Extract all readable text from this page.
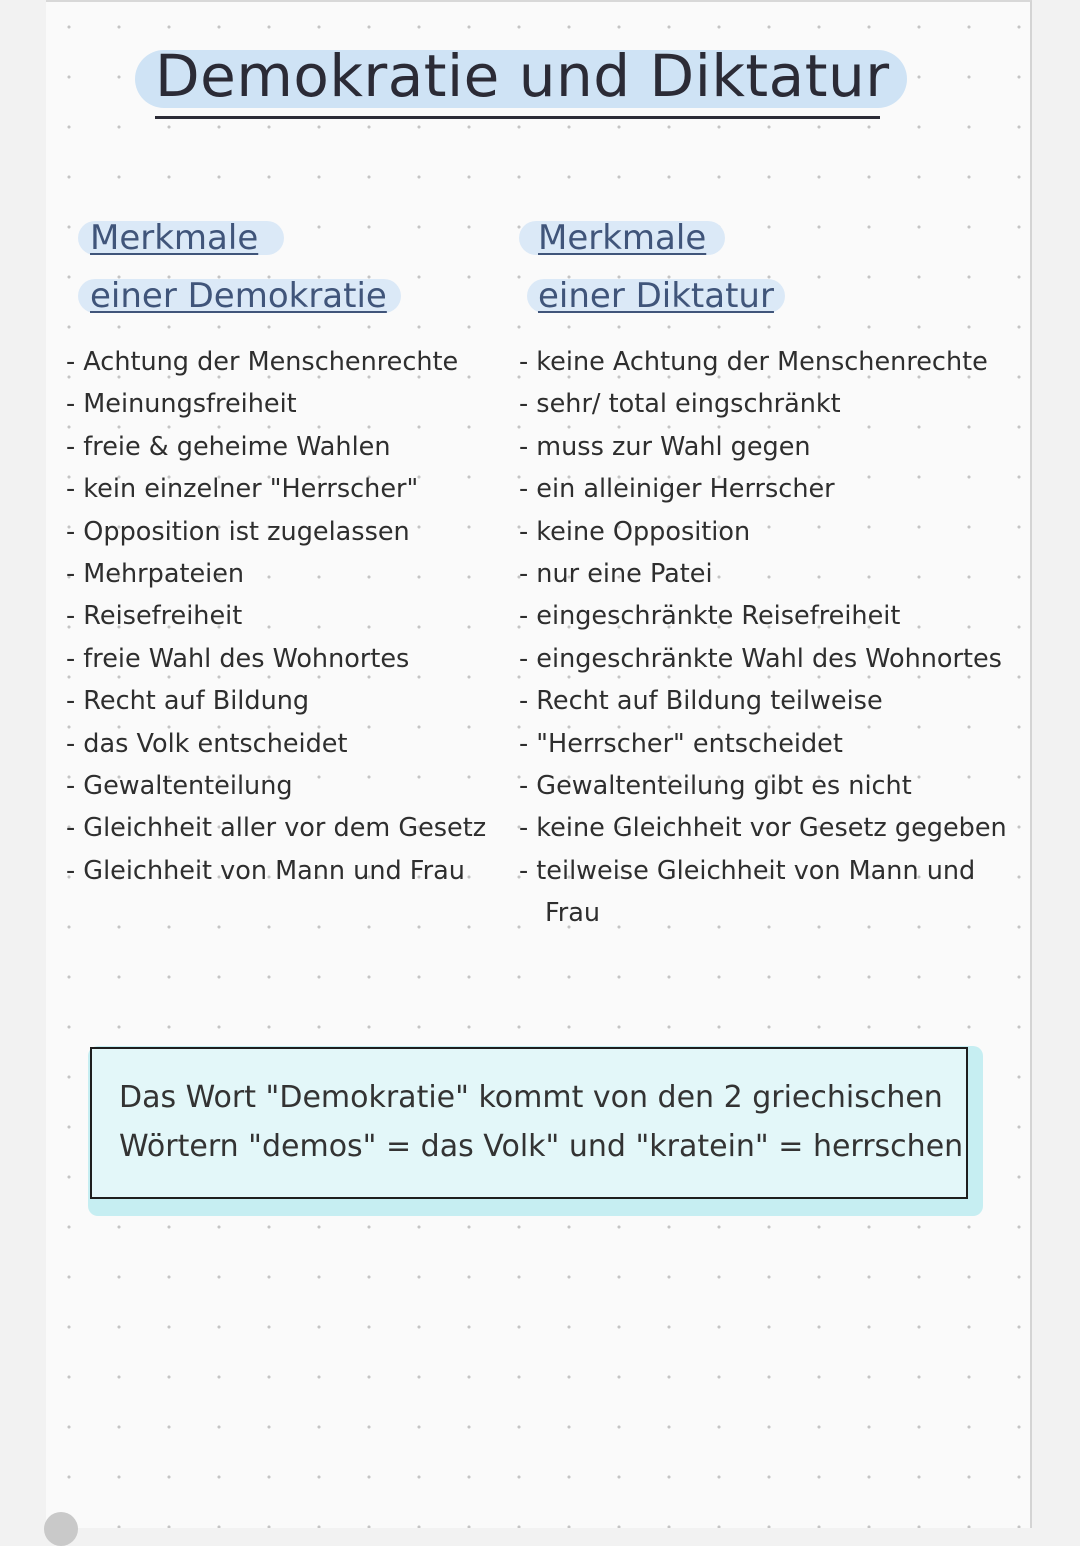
Demokratie und Diktatur
Merkmale
einer Demokratie
Merkmale
einer Diktatur
- Achtung der Menschenrechte
- Meinungsfreiheit
- freie & geheime Wahlen
- kein einzelner "Herrscher"
- Opposition ist zugelassen
- Mehrpateien
- Reisefreiheit
- freie Wahl des Wohnortes
- Recht auf Bildung
- das Volk entscheidet
- Gewaltenteilung
- Gleichheit aller vor dem Gesetz
- Gleichheit von Mann und Frau
- keine Achtung der Menschenrechte
- sehr/ total eingschränkt
- muss zur Wahl gegen
- ein alleiniger Herrscher
- keine Opposition
- nur eine Patei
- eingeschränkte Reisefreiheit
- eingeschränkte Wahl des Wohnortes
- Recht auf Bildung teilweise
- "Herrscher" entscheidet
- Gewaltenteilung gibt es nicht
- keine Gleichheit vor Gesetz gegeben
- teilweise Gleichheit von Mann und
Frau

Das Wort "Demokratie" kommt von den 2 griechischen

Wörtern "demos" = das Volk" und "kratein" = herrschen
